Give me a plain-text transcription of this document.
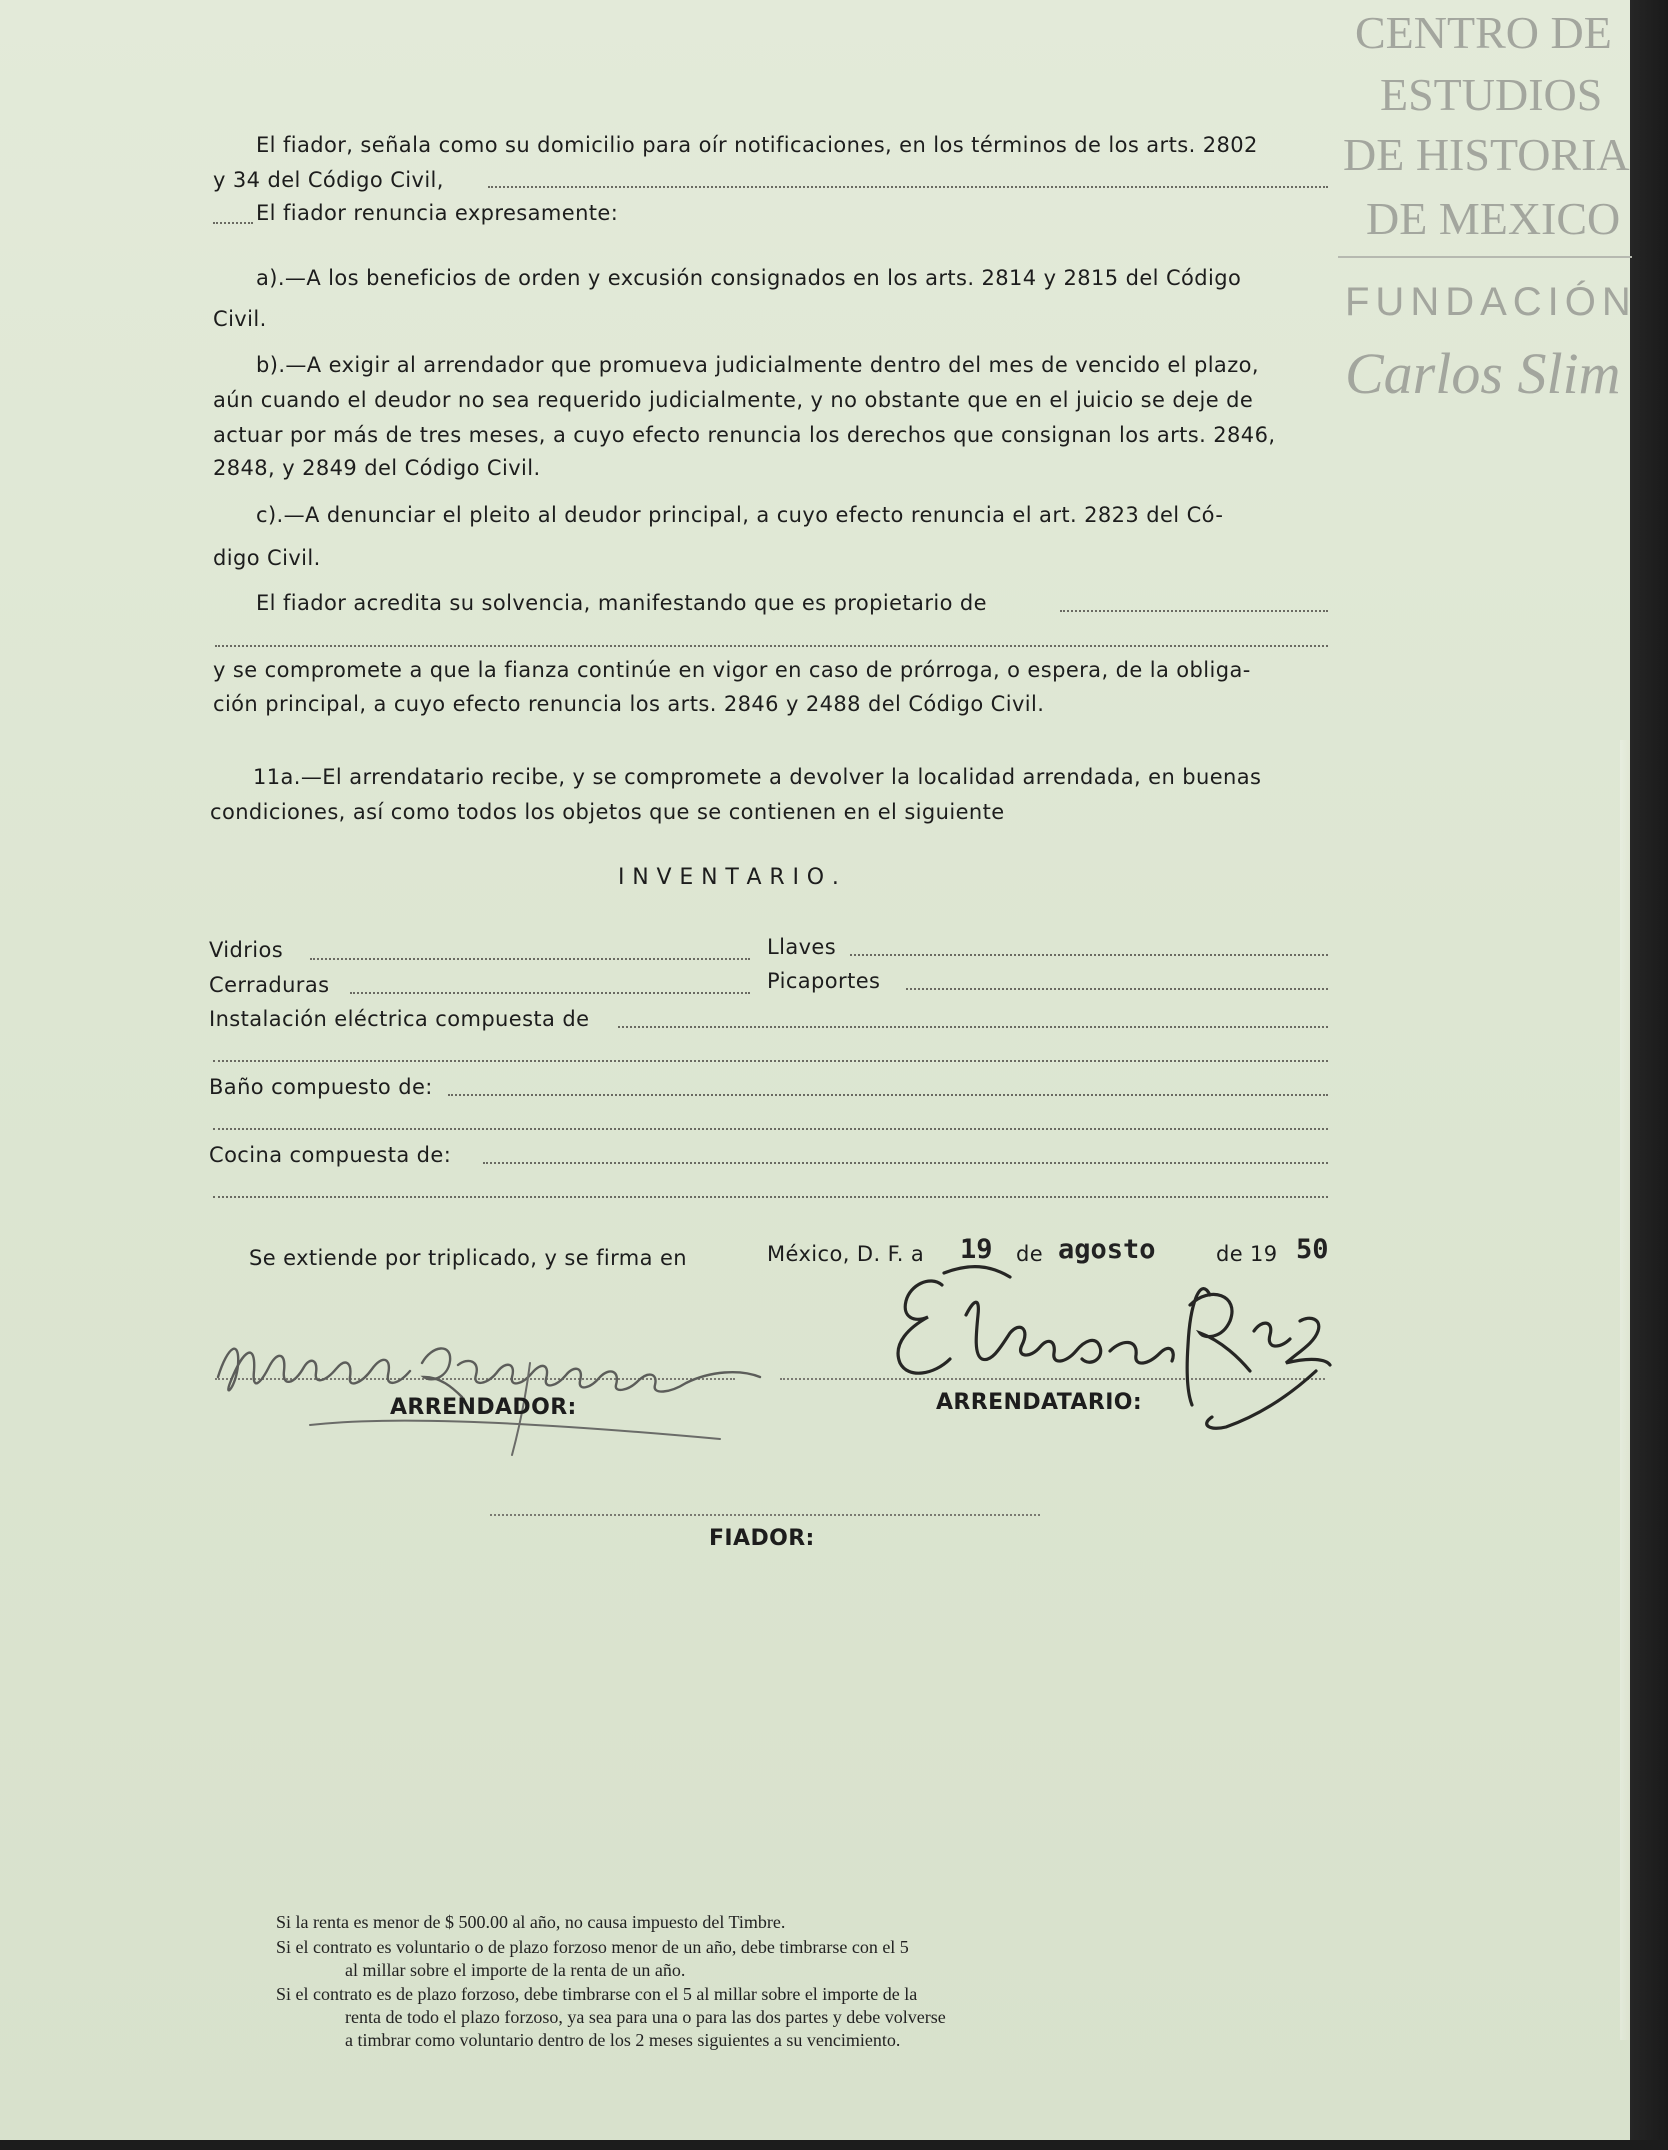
CENTRO DE
ESTUDIOS
DE HISTORIA
DE MEXICO
FUNDACIÓN
Carlos Slim
El fiador, señala como su domicilio para oír notificaciones, en los términos de los arts. 2802
y 34 del Código Civil,
El fiador renuncia expresamente:
a).—A los beneficios de orden y excusión consignados en los arts. 2814 y 2815 del Código
Civil.
b).—A exigir al arrendador que promueva judicialmente dentro del mes de vencido el plazo,
aún cuando el deudor no sea requerido judicialmente, y no obstante que en el juicio se deje de
actuar por más de tres meses, a cuyo efecto renuncia los derechos que consignan los arts. 2846,
2848, y 2849 del Código Civil.
c).—A denunciar el pleito al deudor principal, a cuyo efecto renuncia el art. 2823 del Có-
digo Civil.
El fiador acredita su solvencia, manifestando que es propietario de
y se compromete a que la fianza continúe en vigor en caso de prórroga, o espera, de la obliga-
ción principal, a cuyo efecto renuncia los arts. 2846 y 2488 del Código Civil.
11a.—El arrendatario recibe, y se compromete a devolver la localidad arrendada, en buenas
condiciones, así como todos los objetos que se contienen en el siguiente
I N V E N T A R I O .
Vidrios	Llaves
Cerraduras	Picaportes
Instalación eléctrica compuesta de
Baño compuesto de:
Cocina compuesta de:
Se extiende por triplicado, y se firma en	México, D. F. a 19 de agosto	de 19 50
ARRENDADOR:	ARRENDATARIO:
FIADOR:
Si la renta es menor de $ 500.00 al año, no causa impuesto del Timbre.
Si el contrato es voluntario o de plazo forzoso menor de un año, debe timbrarse con el 5
al millar sobre el importe de la renta de un año.
Si el contrato es de plazo forzoso, debe timbrarse con el 5 al millar sobre el importe de la
renta de todo el plazo forzoso, ya sea para una o para las dos partes y debe volverse
a timbrar como voluntario dentro de los 2 meses siguientes a su vencimiento.
